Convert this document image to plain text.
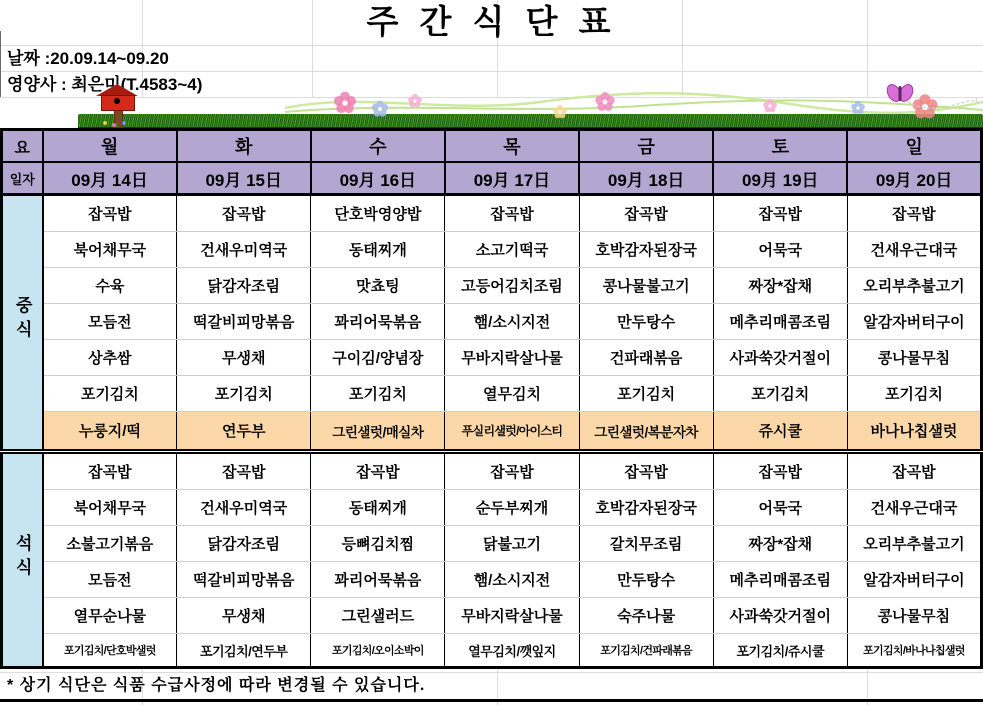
주 간 식 단 표
날짜 :20.09.14~09.20
영양사 : 최은미(T.4583~4)
요	월	화	수	목	금	토	일
일자	09月 14日	09月 15日	09月 16日	09月 17日	09月 18日	09月 19日	09月 20日
중식	잡곡밥	잡곡밥	단호박영양밥	잡곡밥	잡곡밥	잡곡밥	잡곡밥
	북어채무국	건새우미역국	동태찌개	소고기떡국	호박감자된장국	어묵국	건새우근대국
	수육	닭감자조림	맛쵸팅	고등어김치조림	콩나물불고기	짜장*잡채	오리부추불고기
	모듬전	떡갈비피망볶음	꽈리어묵볶음	햄/소시지전	만두탕수	메추리매콤조림	알감자버터구이
	상추쌈	무생채	구이김/양념장	무바지락살나물	건파래볶음	사과쑥갓거절이	콩나물무침
	포기김치	포기김치	포기김치	열무김치	포기김치	포기김치	포기김치
	누룽지/떡	연두부	그린샐럿/매실차	푸실리샐럿/아이스티	그린샐럿/복분자차	쥬시쿨	바나나칩샐럿
석식	잡곡밥	잡곡밥	잡곡밥	잡곡밥	잡곡밥	잡곡밥	잡곡밥
	북어채무국	건새우미역국	동태찌개	순두부찌개	호박감자된장국	어묵국	건새우근대국
	소불고기볶음	닭감자조림	등뼈김치찜	닭불고기	갈치무조림	짜장*잡채	오리부추불고기
	모듬전	떡갈비피망볶음	꽈리어묵볶음	햄/소시지전	만두탕수	메추리매콤조림	알감자버터구이
	열무순나물	무생채	그린샐러드	무바지락살나물	숙주나물	사과쑥갓거절이	콩나물무침
	포기김치/단호박샐럿	포기김치/연두부	포기김치/오이소박이	열무김치/깻잎지	포기김치/건파래볶음	포기김치/쥬시쿨	포기김치/바나나칩샐럿
* 상기 식단은 식품 수급사정에 따라 변경될 수 있습니다.
